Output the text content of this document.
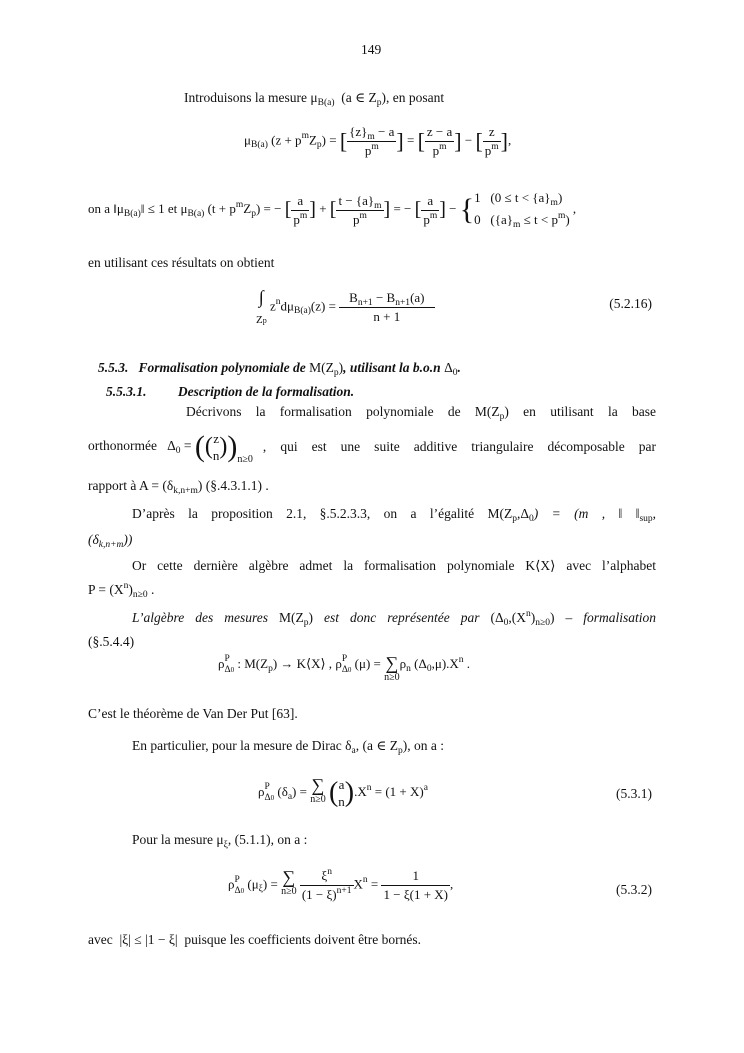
149
Introduisons la mesure $\mu_{B(a)}$ (a ∈ $Z_p$), en posant
$\mu_{B(a)}$ $(z + p^mZ_p)$ = [ $\frac{\{z\}_m - a}{p^m}$ ] = [ $\frac{z - a}{p^m}$ ] − [ $\frac{z}{p^m}$ ],
on a $‖\mu_{B(a)}‖ \le 1$ et $\mu_{B(a)}$ $(t + p^mZ_p)$ = − [ $\frac{a}{p^m}$ ] + [ $\frac{t - \{a\}_m}{p^m}$ ] = − [ $\frac{a}{p^m}$ ] − { 1 $(0 \le t < \{a\}_m)$
0 $(\{a\}_m \le t < p^m)$
,
en utilisant ces résultats on obtient
∫
Zp
$z^nd\mu_{B(a)}(z) = \frac{B_{n+1} - B_{n+1}(a)}{n + 1}$	(5.2.16)
5.5.3. Formalisation polynomiale de $M(Z_p)$, utilisant la b.o.n $\Delta_0$.
5.5.3.1. Description de la formalisation.
Décrivons la formalisation polynomiale de $M(Z_p)$ en utilisant la base
orthonormée $\Delta_0$ = (( z
n ))$_{n\ge 0}$
, qui est une suite additive triangulaire décomposable par
rapport à $A = (\delta_{k,n+m})$ (§.4.3.1.1) .
D’après la proposition 2.1, §.5.2.3.3, on a l’égalité $M(Z_p,\Delta_0) = (m$ , ‖ $‖_{sup}$,
$(\delta_{k,n+m})$)
Or cette dernière algèbre admet la formalisation polynomiale K⟨X⟩ avec l’alphabet
$P = (X^n)_{n\ge 0}$ .
L’algèbre des mesures $M(Z_p)$ est donc représentée par $(\Delta_0,(X^n)_{n\ge 0})$ – formalisation
(§.5.4.4)
ρ P
Δ0 : $M(Z_p)$ → K⟨X⟩ , ρ P
Δ0 (μ) = ∑
n≥0
$\rho_n$ $(\Delta_0,\mu).X^n$ .
C’est le théorème de Van Der Put [63].
En particulier, pour la mesure de Dirac $\delta_a$, (a ∈ $Z_p$), on a :
ρ P
Δ0 $(\delta_a)$ = ∑
n≥0 ( a
n )$.X^n = (1 + X)^a$	(5.3.1)
Pour la mesure $\mu_\xi$, (5.1.1), on a :
ρ P
Δ0 $(\mu_\xi)$ = ∑
n≥0
$\frac{\xi^n}{(1 - \xi)^{n+1}} X^n = \frac{1}{1 - \xi(1 + X)}$ ,	(5.3.2)
avec |ξ| ≤ |1 − ξ| puisque les coefficients doivent être bornés.
